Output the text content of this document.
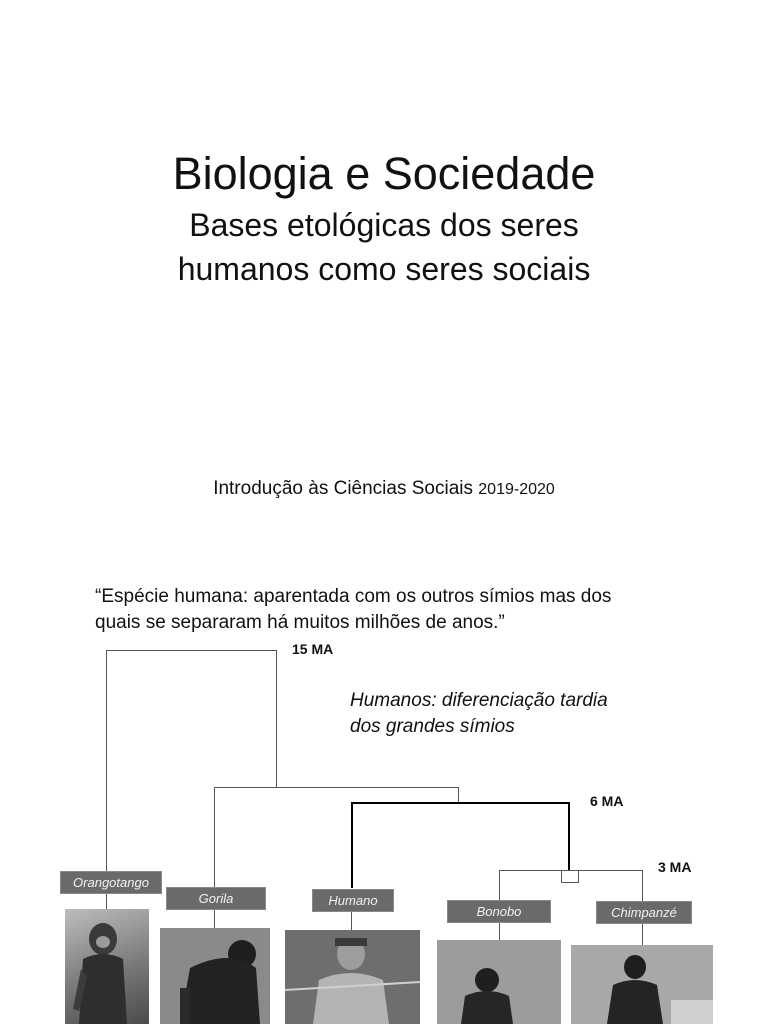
Biologia e Sociedade
Bases etológicas dos seres
humanos como seres sociais
Introdução às Ciências Sociais 2019-2020
“Espécie humana: aparentada com os outros símios mas dos
quais se separaram há muitos milhões de anos.”
Humanos: diferenciação tardia
dos grandes símios
15 MA
6 MA
3 MA
Orangotango
Gorila	Humano
Bonobo	Chimpanzé
